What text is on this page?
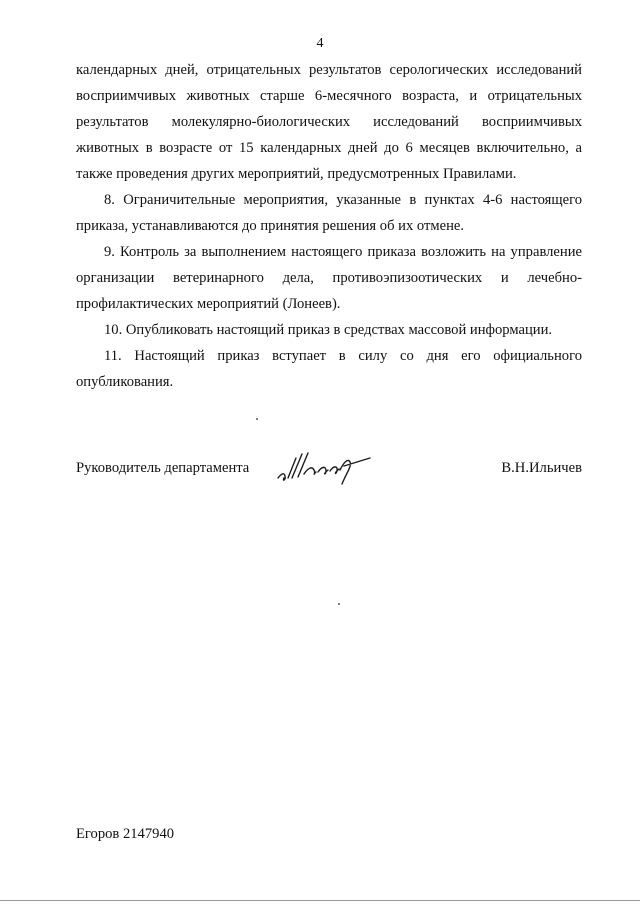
4

календарных дней, отрицательных результатов серологических исследований восприимчивых животных старше 6-месячного возраста, и отрицательных результатов молекулярно-биологических исследований восприимчивых животных в возрасте от 15 календарных дней до 6 месяцев включительно, а также проведения других мероприятий, предусмотренных Правилами.

8. Ограничительные мероприятия, указанные в пунктах 4-6 настоящего приказа, устанавливаются до принятия решения об их отмене.

9. Контроль за выполнением настоящего приказа возложить на управление организации ветеринарного дела, противоэпизоотических и лечебно-профилактических мероприятий (Лонеев).

10. Опубликовать настоящий приказ в средствах массовой информации.

11. Настоящий приказ вступает в силу со дня его официального опубликования.

Руководитель департамента	В.Н.Ильичев
Егоров 2147940
